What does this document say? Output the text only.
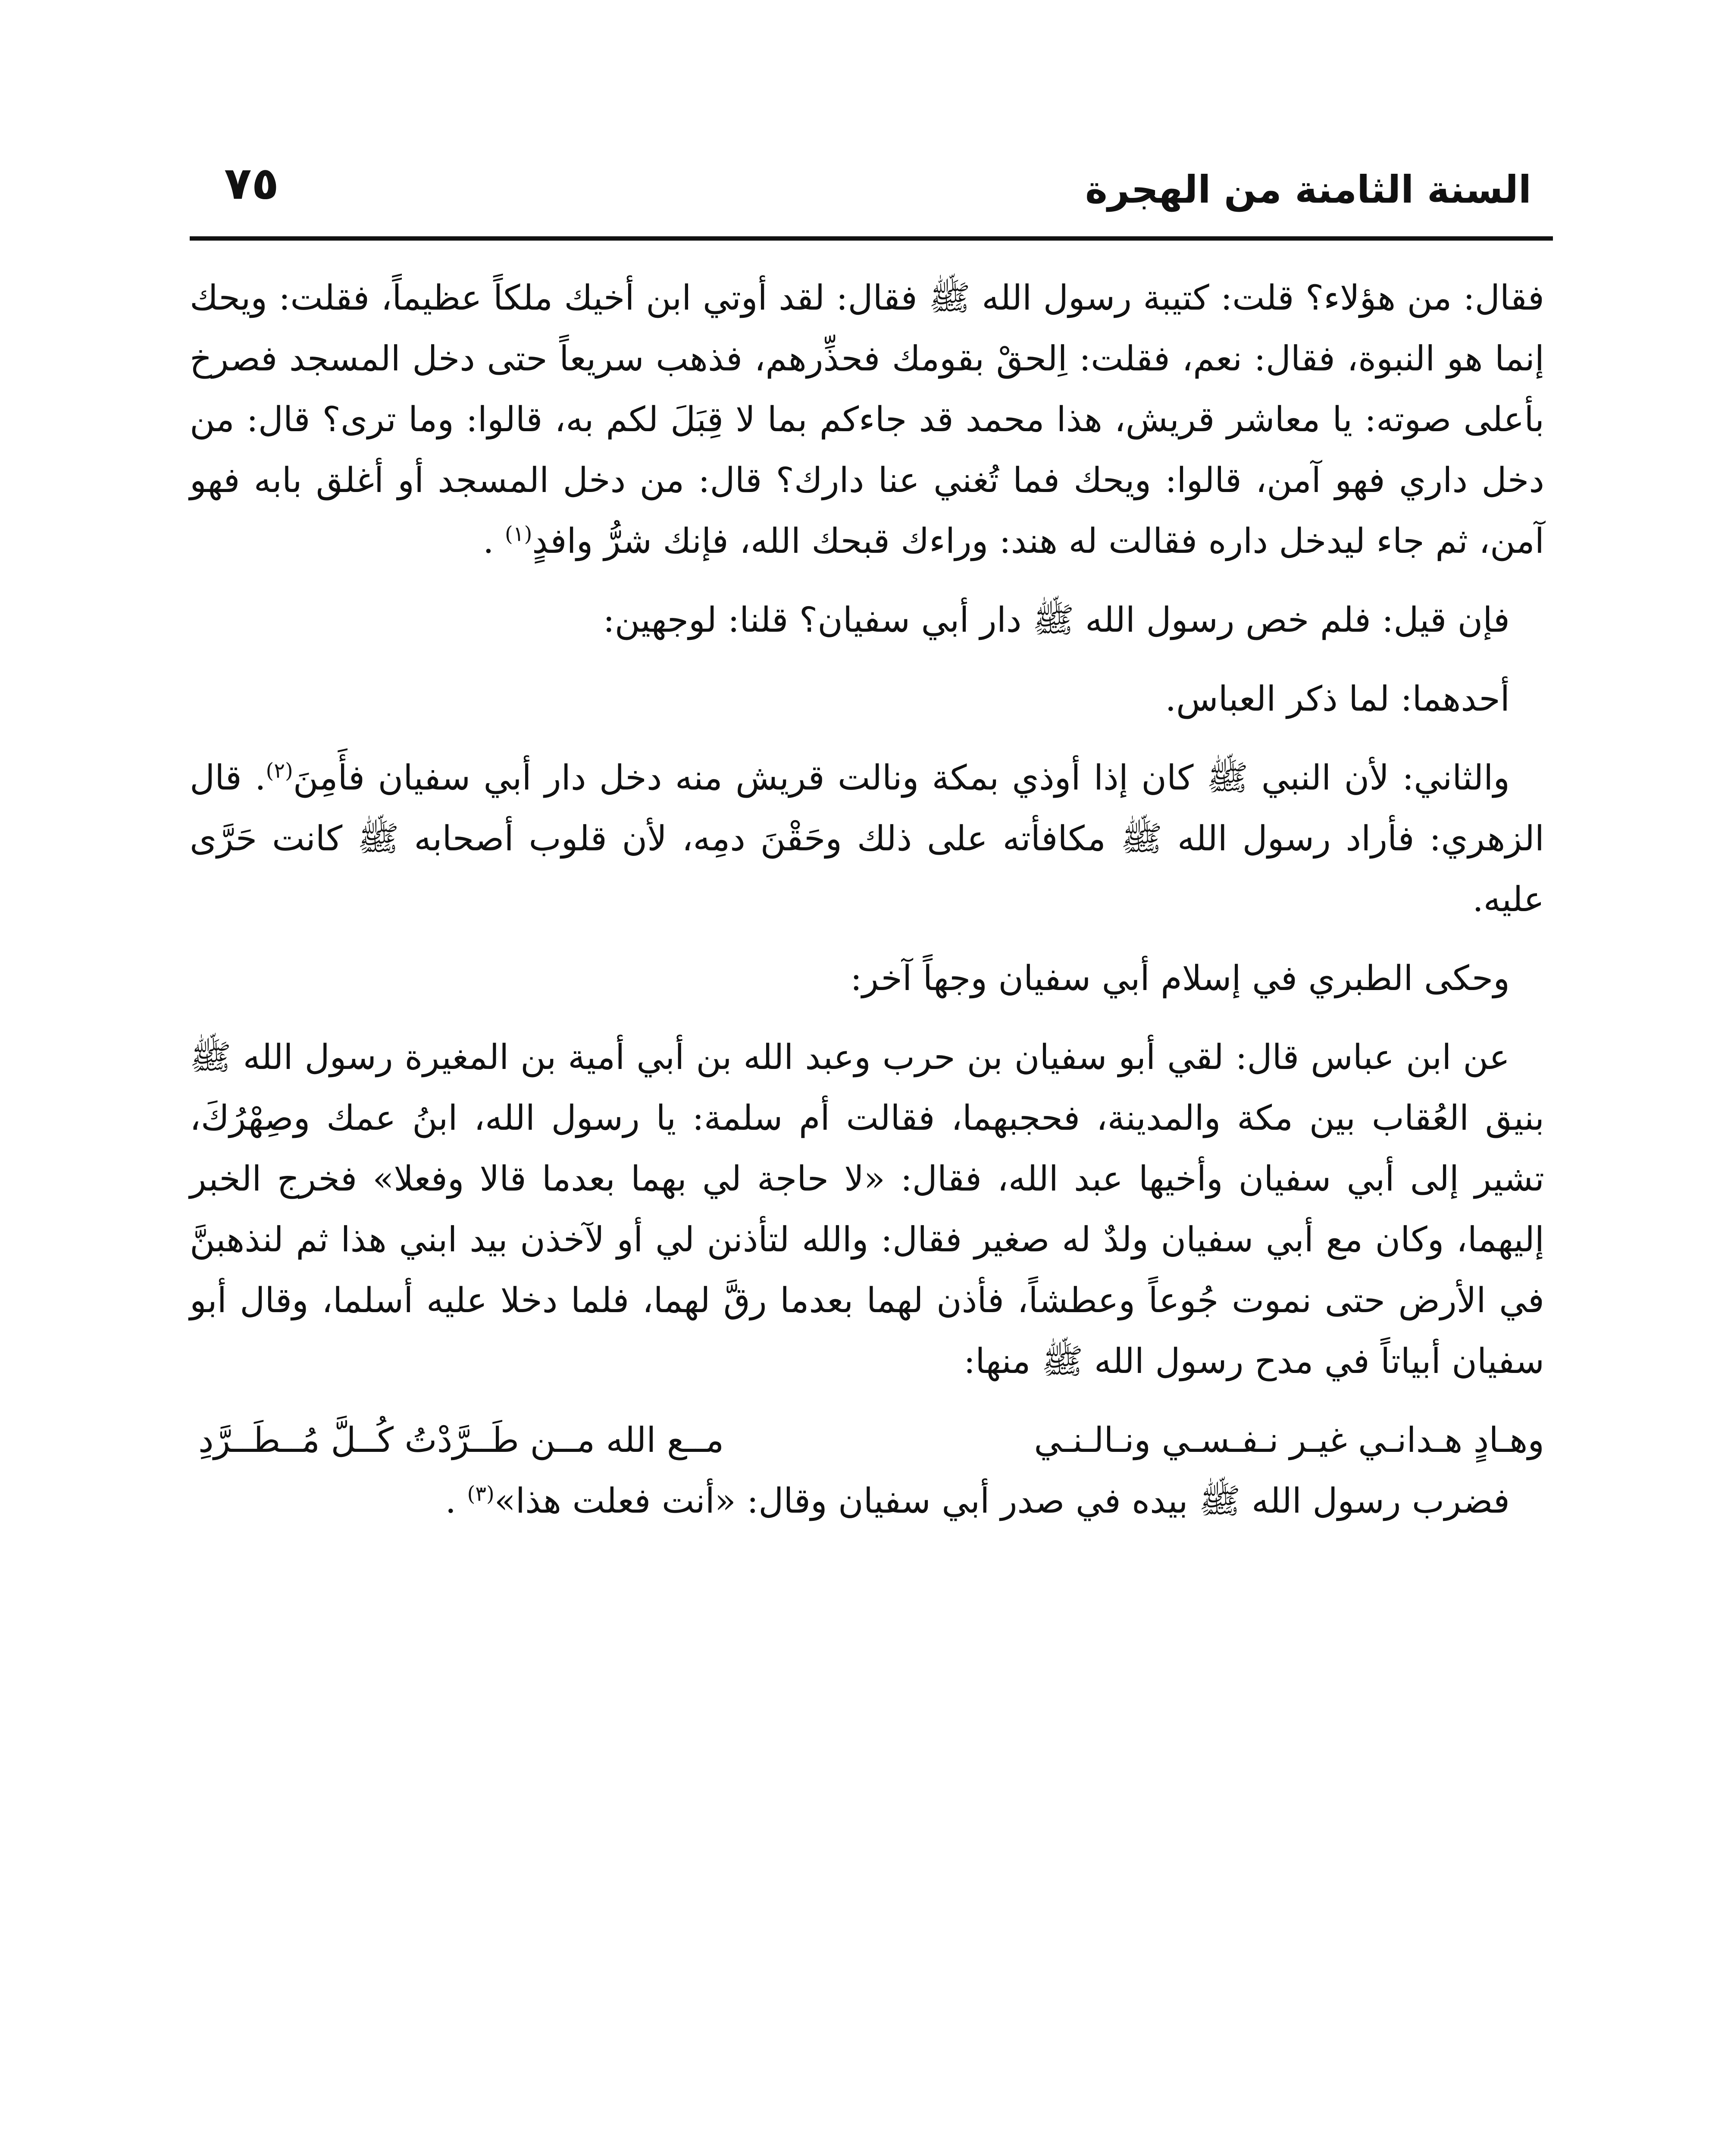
السنة الثامنة من الهجرة
٧٥

فقال: من هؤلاء؟ قلت: كتيبة رسول الله ﷺ فقال: لقد أوتي ابن أخيك ملكاً عظيماً، فقلت: ويحك إنما هو النبوة، فقال: نعم، فقلت: اِلحقْ بقومك فحذِّرهم، فذهب سريعاً حتى دخل المسجد فصرخ بأعلى صوته: يا معاشر قريش، هذا محمد قد جاءكم بما لا قِبَلَ لكم به، قالوا: وما ترى؟ قال: من دخل داري فهو آمن، قالوا: ويحك فما تُغني عنا دارك؟ قال: من دخل المسجد أو أغلق بابه فهو آمن، ثم جاء ليدخل داره فقالت له هند: وراءك قبحك الله، فإنك شرُّ وافدٍ$^{(١)}$ .

فإن قيل: فلم خص رسول الله ﷺ دار أبي سفيان؟ قلنا: لوجهين:

أحدهما: لما ذكر العباس.

والثاني: لأن النبي ﷺ كان إذا أوذي بمكة ونالت قريش منه دخل دار أبي سفيان فأَمِنَ$^{(٢)}$. قال الزهري: فأراد رسول الله ﷺ مكافأته على ذلك وحَقْنَ دمِه، لأن قلوب أصحابه ﷺ كانت حَرَّى عليه.

وحكى الطبري في إسلام أبي سفيان وجهاً آخر:

عن ابن عباس قال: لقي أبو سفيان بن حرب وعبد الله بن أبي أمية بن المغيرة رسول الله ﷺ بنيق العُقاب بين مكة والمدينة، فحجبهما، فقالت أم سلمة: يا رسول الله، ابنُ عمك وصِهْرُكَ، تشير إلى أبي سفيان وأخيها عبد الله، فقال: «لا حاجة لي بهما بعدما قالا وفعلا» فخرج الخبر إليهما، وكان مع أبي سفيان ولدٌ له صغير فقال: والله لتأذنن لي أو لآخذن بيد ابني هذا ثم لنذهبنَّ في الأرض حتى نموت جُوعاً وعطشاً، فأذن لهما بعدما رقَّ لهما، فلما دخلا عليه أسلما، وقال أبو سفيان أبياتاً في مدح رسول الله ﷺ منها:

وهـادٍ هـدانـي غيـر نـفـسـي ونـالـنـي
مــع الله مــن طَــرَّدْتُ كُــلَّ مُــطَــرَّدِ

فضرب رسول الله ﷺ بيده في صدر أبي سفيان وقال: «أنت فعلت هذا»$^{(٣)}$ .
